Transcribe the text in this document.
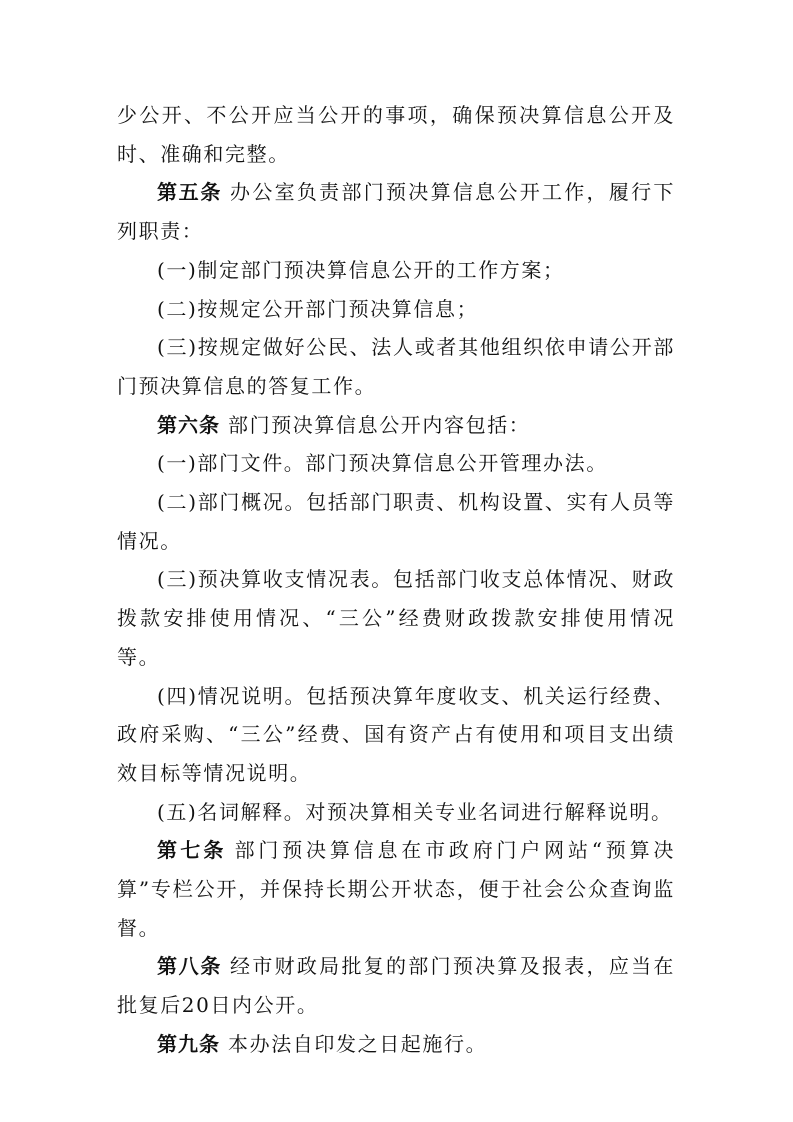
少公开、不公开应当公开的事项，确保预决算信息公开及时、准确和完整。

第五条 办公室负责部门预决算信息公开工作，履行下列职责：

(一)制定部门预决算信息公开的工作方案；

(二)按规定公开部门预决算信息；

(三)按规定做好公民、法人或者其他组织依申请公开部门预决算信息的答复工作。

第六条 部门预决算信息公开内容包括：

(一)部门文件。部门预决算信息公开管理办法。

(二)部门概况。包括部门职责、机构设置、实有人员等情况。

(三)预决算收支情况表。包括部门收支总体情况、财政拨款安排使用情况、“三公”经费财政拨款安排使用情况等。

(四)情况说明。包括预决算年度收支、机关运行经费、政府采购、“三公”经费、国有资产占有使用和项目支出绩效目标等情况说明。

(五)名词解释。对预决算相关专业名词进行解释说明。

第七条 部门预决算信息在市政府门户网站“预算决算”专栏公开，并保持长期公开状态，便于社会公众查询监督。

第八条 经市财政局批复的部门预决算及报表，应当在批复后20日内公开。

第九条 本办法自印发之日起施行。
